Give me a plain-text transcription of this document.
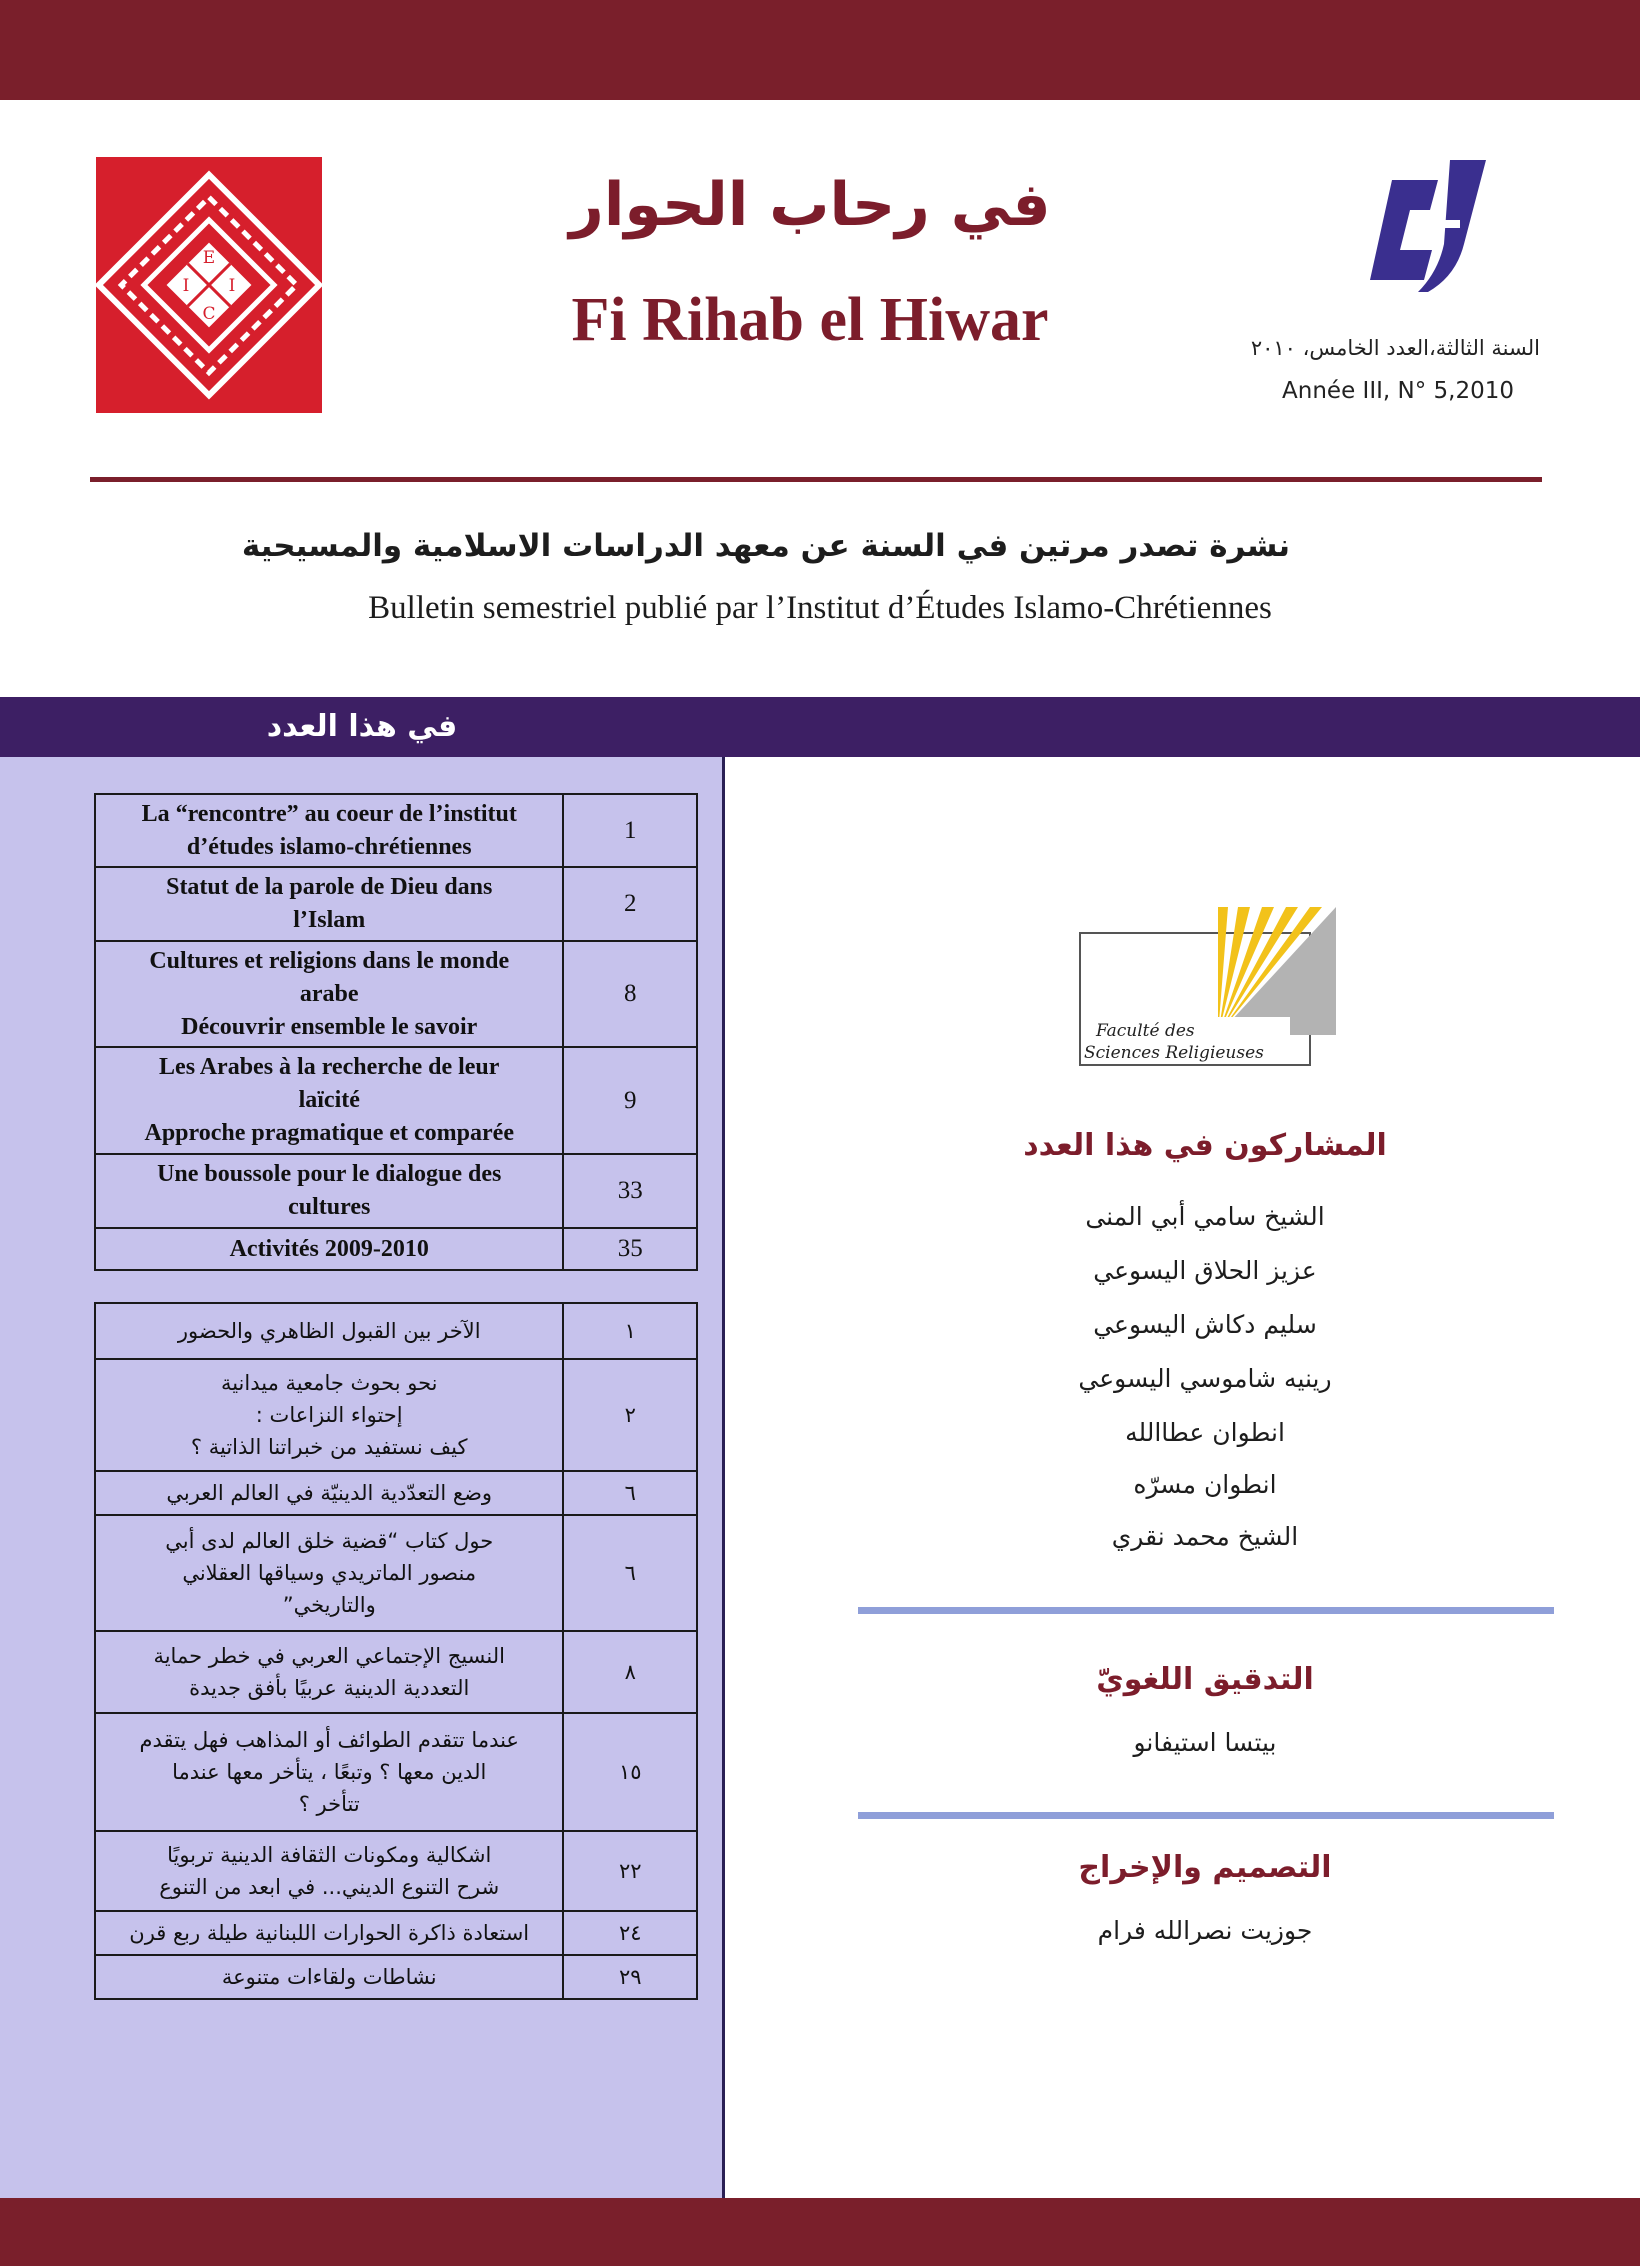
E
I I
C
في رحاب الحوار
Fi Rihab el Hiwar	السنة الثالثة،العدد الخامس، ٢٠١٠
Année III, N° 5,2010
نشرة تصدر مرتين في السنة عن معهد الدراسات الاسلامية والمسيحية
Bulletin semestriel publié par l’Institut d’Études Islamo-Chrétiennes
في هذا العدد
La “rencontre” au coeur de l’institut
d’études islamo-chrétiennes	1
Statut de la parole de Dieu dans
l’Islam	2
Cultures et religions dans le monde
arabe
Découvrir ensemble le savoir	8
Les Arabes à la recherche de leur
laïcité
Approche pragmatique et comparée	9
Une boussole pour le dialogue des
cultures	33
Activités 2009-2010	35
الآخر بين القبول الظاهري والحضور	١
نحو بحوث جامعية ميدانية
إحتواء النزاعات :
كيف نستفيد من خبراتنا الذاتية ؟	٢
وضع التعدّدية الدينيّة في العالم العربي	٦
حول كتاب “قضية خلق العالم لدى أبي
منصور الماتريدي وسياقها العقلاني
والتاريخي”	٦
النسيج الإجتماعي العربي في خطر حماية
التعددية الدينية عربيًا بأفق جديدة	٨
عندما تتقدم الطوائف أو المذاهب فهل يتقدم
الدين معها ؟ وتبعًا ، يتأخر معها عندما
تتأخر ؟	١٥
اشكالية ومكونات الثقافة الدينية تربويًا
شرح التنوع الديني... في ابعد من التنوع	٢٢
استعادة ذاكرة الحوارات اللبنانية طيلة ربع قرن	٢٤
نشاطات ولقاءات متنوعة	٢٩
Faculté des
Sciences Religieuses
المشاركون في هذا العدد
الشيخ سامي أبي المنى
عزيز الحلاق اليسوعي
سليم دكاش اليسوعي
رينيه شاموسي اليسوعي
انطوان عطاالله
انطوان مسرّه
الشيخ محمد نقري
التدقيق اللغويّ
بيتسا استيفانو
التصميم والإخراج
جوزيت نصرالله فرام
